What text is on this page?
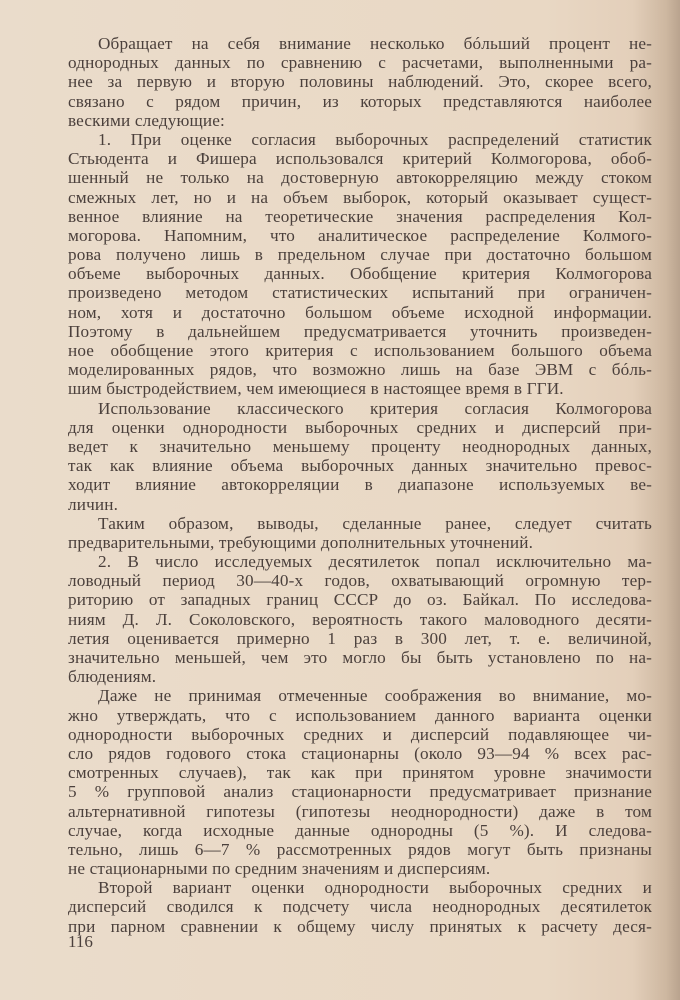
Обращает на себя внимание несколько бóльший процент не-
однородных данных по сравнению с расчетами, выполненными ра-
нее за первую и вторую половины наблюдений. Это, скорее всего,
связано с рядом причин, из которых представляются наиболее
вескими следующие:
1. При оценке согласия выборочных распределений статистик
Стьюдента и Фишера использовался критерий Колмогорова, обоб-
шенный не только на достоверную автокорреляцию между стоком
смежных лет, но и на объем выборок, который оказывает сущест-
венное влияние на теоретические значения распределения Кол-
могорова. Напомним, что аналитическое распределение Колмого-
рова получено лишь в предельном случае при достаточно большом
объеме выборочных данных. Обобщение критерия Колмогорова
произведено методом статистических испытаний при ограничен-
ном, хотя и достаточно большом объеме исходной информации.
Поэтому в дальнейшем предусматривается уточнить произведен-
ное обобщение этого критерия с использованием большого объема
моделированных рядов, что возможно лишь на базе ЭВМ с бóль-
шим быстродействием, чем имеющиеся в настоящее время в ГГИ.
Использование классического критерия согласия Колмогорова
для оценки однородности выборочных средних и дисперсий при-
ведет к значительно меньшему проценту неоднородных данных,
так как влияние объема выборочных данных значительно превос-
ходит влияние автокорреляции в диапазоне используемых ве-
личин.
Таким образом, выводы, сделанные ранее, следует считать
предварительными, требующими дополнительных уточнений.
2. В число исследуемых десятилеток попал исключительно ма-
ловодный период 30—40-х годов, охватывающий огромную тер-
риторию от западных границ СССР до оз. Байкал. По исследова-
ниям Д. Л. Соколовского, вероятность такого маловодного десяти-
летия оценивается примерно 1 раз в 300 лет, т. е. величиной,
значительно меньшей, чем это могло бы быть установлено по на-
блюдениям.
Даже не принимая отмеченные соображения во внимание, мо-
жно утверждать, что с использованием данного варианта оценки
однородности выборочных средних и дисперсий подавляющее чи-
сло рядов годового стока стационарны (около 93—94 % всех рас-
смотренных случаев), так как при принятом уровне значимости
5 % групповой анализ стационарности предусматривает признание
альтернативной гипотезы (гипотезы неоднородности) даже в том
случае, когда исходные данные однородны (5 %). И следова-
тельно, лишь 6—7 % рассмотренных рядов могут быть признаны
не стационарными по средним значениям и дисперсиям.
Второй вариант оценки однородности выборочных средних и
дисперсий сводился к подсчету числа неоднородных десятилеток
при парном сравнении к общему числу принятых к расчету деся-
116
